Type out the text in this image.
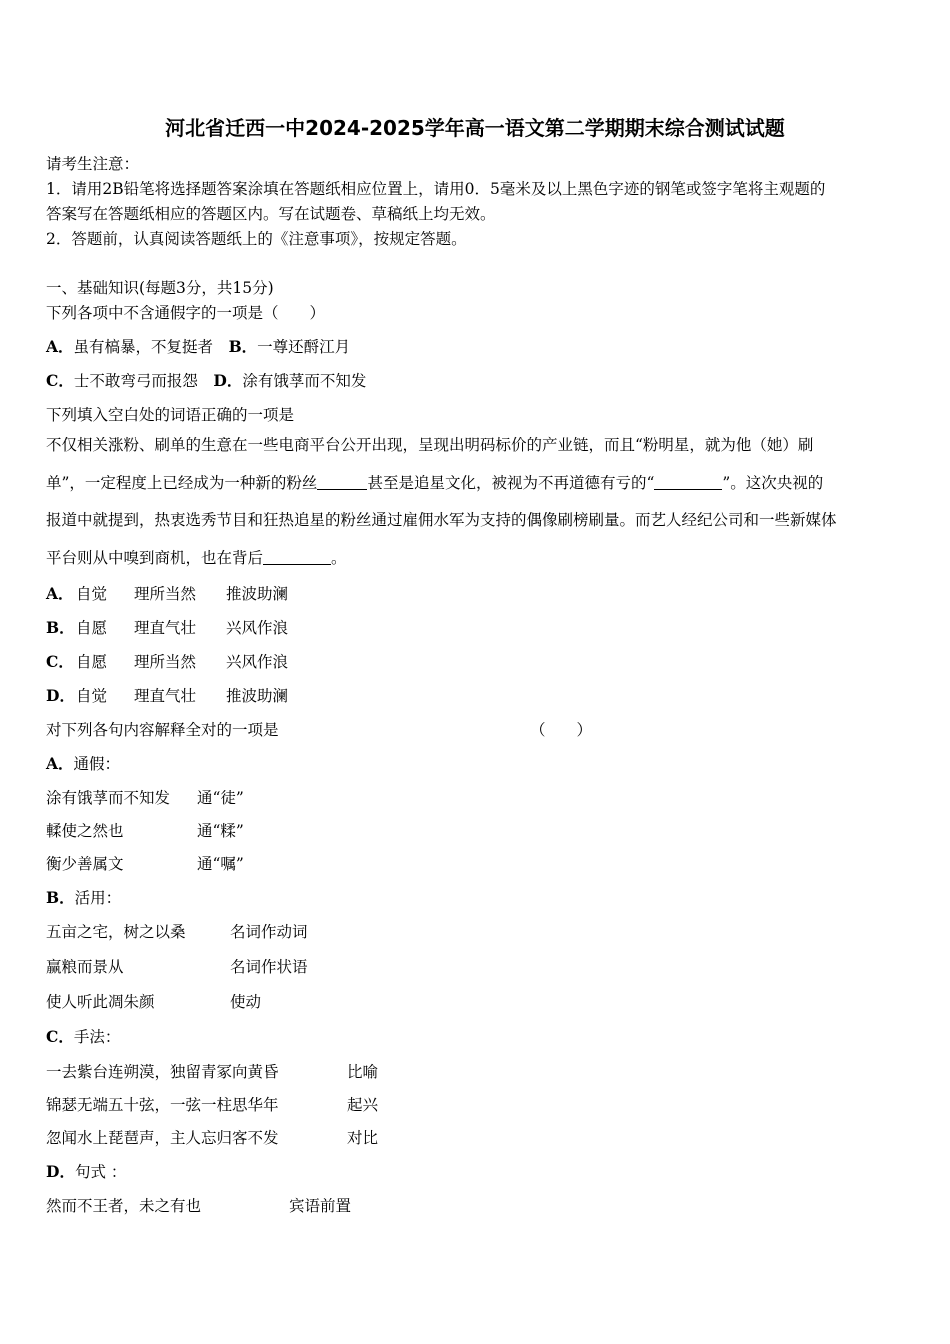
河北省迁西一中2024-2025学年高一语文第二学期期末综合测试试题
请考生注意：
1．请用2B铅笔将选择题答案涂填在答题纸相应位置上，请用0．5毫米及以上黑色字迹的钢笔或签字笔将主观题的
答案写在答题纸相应的答题区内。写在试题卷、草稿纸上均无效。
2．答题前，认真阅读答题纸上的《注意事项》，按规定答题。
一、基础知识(每题3分，共15分)
下列各项中不含通假字的一项是（　　）
A．虽有槁暴，不复挺者　 B．一尊还酹江月
C．士不敢弯弓而报怨　 D．涂有饿莩而不知发
下列填入空白处的词语正确的一项是
不仅相关涨粉、刷单的生意在一些电商平台公开出现，呈现出明码标价的产业链，而且“粉明星，就为他（她）刷
单”，一定程度上已经成为一种新的粉丝	甚至是追星文化，被视为不再道德有亏的“	”。这次央视的
报道中就提到，热衷选秀节目和狂热追星的粉丝通过雇佣水军为支持的偶像刷榜刷量。而艺人经纪公司和一些新媒体
平台则从中嗅到商机，也在背后	。
A． 自觉 理所当然 推波助澜
B．自愿 理直气壮 兴风作浪
C． 自愿 理所当然 兴风作浪
D．自觉 理直气壮 推波助澜
对下列各句内容解释全对的一项是	（　　）
A．通假：
涂有饿莩而不知发 通“徒”
輮使之然也	通“糅”
衡少善属文	通“嘱”
B．活用：
五亩之宅，树之以桑	名词作动词
赢粮而景从	名词作状语
使人听此凋朱颜	使动
C．手法：
一去紫台连朔漠，独留青冢向黄昏	比喻
锦瑟无端五十弦，一弦一柱思华年	起兴
忽闻水上琵琶声，主人忘归客不发	对比
D．句式 ：
然而不王者，未之有也	宾语前置
